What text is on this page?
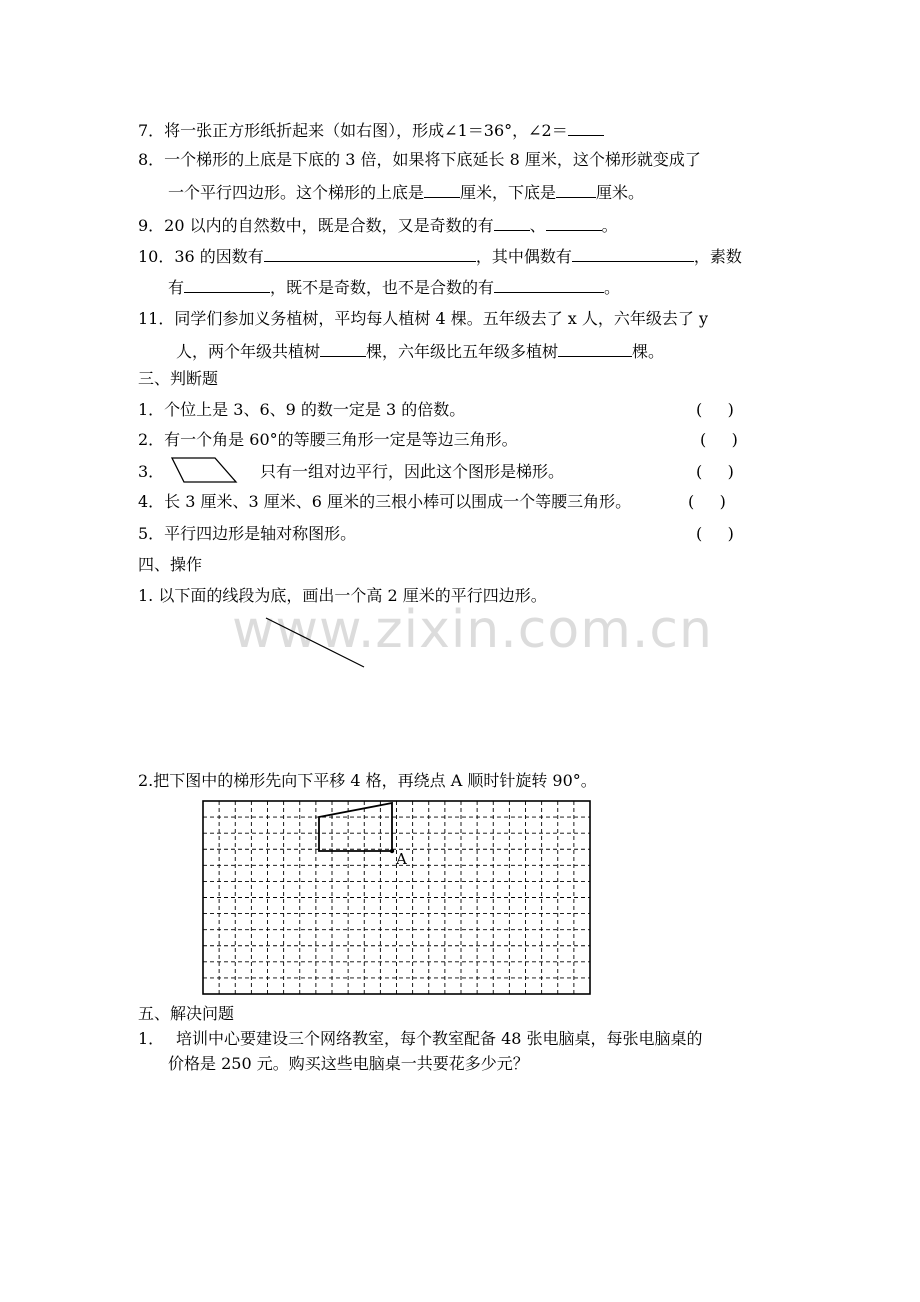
www.zixin.com.cn
7．将一张正方形纸折起来（如右图），形成∠1＝36°，∠2＝
8．一个梯形的上底是下底的 3 倍，如果将下底延长 8 厘米，这个梯形就变成了
一个平行四边形。这个梯形的上底是 厘米，下底是	厘米。
9．20 以内的自然数中，既是合数，又是奇数的有 、	。
10．36 的因数有	，其中偶数有	，素数
有	，既不是奇数，也不是合数的有	。
11．同学们参加义务植树，平均每人植树 4 棵。五年级去了 x 人，六年级去了 y
人，两个年级共植树	棵，六年级比五年级多植树	棵。
三、判断题
1．个位上是 3、6、9 的数一定是 3 的倍数。	(     )
2．有一个角是 60°的等腰三角形一定是等边三角形。	(     )
3．	只有一组对边平行，因此这个图形是梯形。	(     )
4．长 3 厘米、3 厘米、6 厘米的三根小棒可以围成一个等腰三角形。	(     )
5．平行四边形是轴对称图形。	(     )
四、操作
1. 以下面的线段为底，画出一个高 2 厘米的平行四边形。
2.把下图中的梯形先向下平移 4 格，再绕点 A 顺时针旋转 90°。
A
五、解决问题
1． 培训中心要建设三个网络教室，每个教室配备 48 张电脑桌，每张电脑桌的
价格是 250 元。购买这些电脑桌一共要花多少元？
